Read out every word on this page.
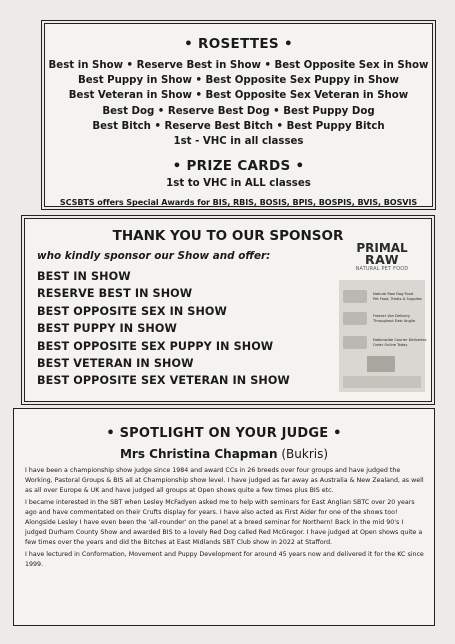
• ROSETTES •
Best in Show • Reserve Best in Show • Best Opposite Sex in Show
Best Puppy in Show • Best Opposite Sex Puppy in Show
Best Veteran in Show • Best Opposite Sex Veteran in Show
Best Dog • Reserve Best Dog • Best Puppy Dog
Best Bitch • Reserve Best Bitch • Best Puppy Bitch
1st - VHC in all classes
• PRIZE CARDS •
1st to VHC in ALL classes
SCSBTS offers Special Awards for BIS, RBIS, BOSIS, BPIS, BOSPIS, BVIS, BOSVIS
THANK YOU TO OUR SPONSOR
who kindly sponsor our Show and offer:
BEST IN SHOW
RESERVE BEST IN SHOW
BEST OPPOSITE SEX IN SHOW
BEST PUPPY IN SHOW
BEST OPPOSITE SEX PUPPY IN SHOW
BEST VETERAN IN SHOW
BEST OPPOSITE SEX VETERAN IN SHOW
PRIMAL
RAW
NATURAL PET FOOD
Natural Raw Dog Food
Pet Food, Treats & Supplies
Freezer Van Delivery
Throughout East Anglia
Nationwide Courier Deliveries
Order Online Today
• SPOTLIGHT ON YOUR JUDGE •
Mrs Christina Chapman (Bukris)

I have been a championship show judge since 1984 and award CCs in 26 breeds over four groups and have judged the Working, Pastoral Groups & BIS all at Championship show level. I have judged as far away as Australia & New Zealand, as well as all over Europe & UK and have judged all groups at Open shows quite a few times plus BIS etc.

I became interested in the SBT when Lesley McFadyen asked me to help with seminars for East Anglian SBTC over 20 years ago and have commentated on their Crufts display for years. I have also acted as First Aider for one of the shows too! Alongside Lesley I have even been the 'all-rounder' on the panel at a breed seminar for Northern! Back in the mid 90's I judged Durham County Show and awarded BIS to a lovely Red Dog called Red McGregor. I have judged at Open shows quite a few times over the years and did the Bitches at East Midlands SBT Club show in 2022 at Stafford.

I have lectured in Conformation, Movement and Puppy Development for around 45 years now and delivered it for the KC since 1999.
